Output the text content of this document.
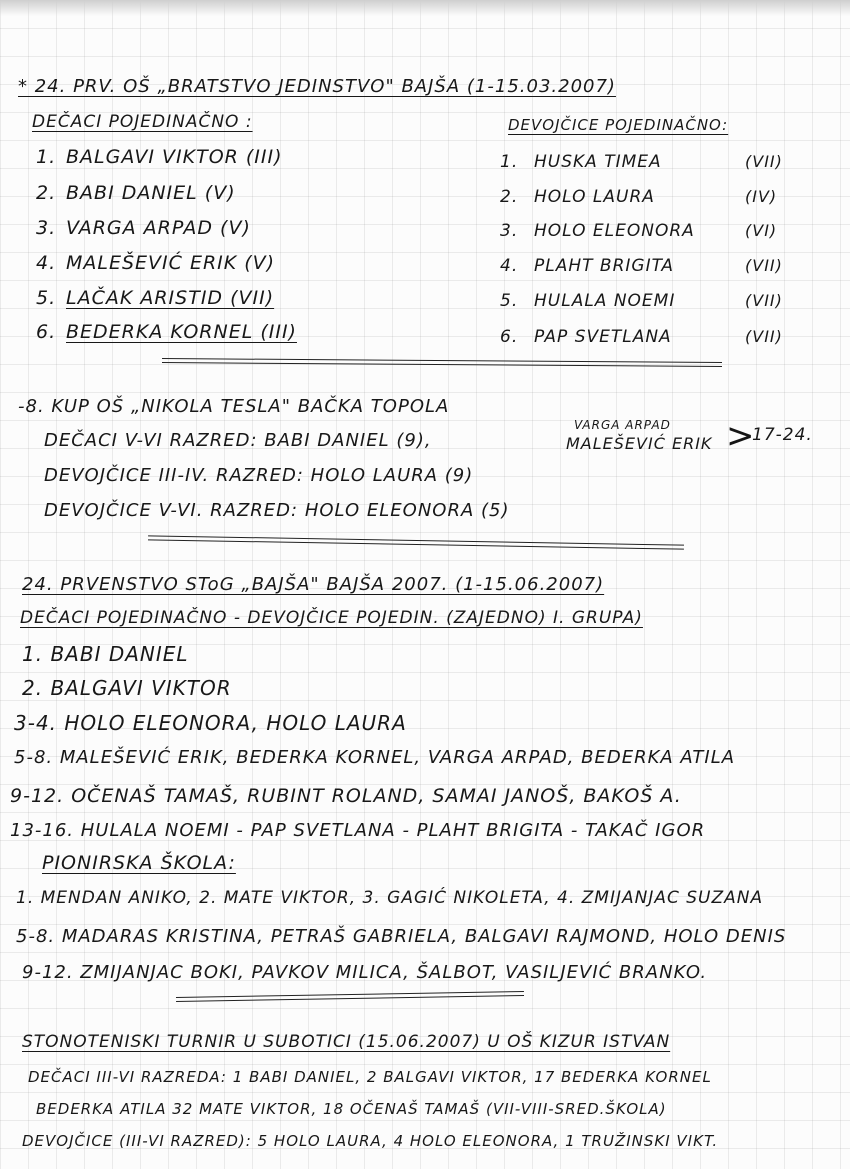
* 24. PRV. OŠ „BRATSTVO JEDINSTVO" BAJŠA (1-15.03.2007)
DEČACI POJEDINAČNO :	DEVOJČICE POJEDINAČNO:
1. BALGAVI VIKTOR (III)
2. BABI DANIEL (V)
3. VARGA ARPAD (V)
4. MALEŠEVIĆ ERIK (V)
5. LAČAK ARISTID (VII)
6. BEDERKA KORNEL (III)
1. HUSKA TIMEA	(VII)
2. HOLO LAURA	(IV)
3. HOLO ELEONORA	(VI)
4. PLAHT BRIGITA	(VII)
5. HULALA NOEMI	(VII)
6. PAP SVETLANA	(VII)
-8. KUP OŠ „NIKOLA TESLA" BAČKA TOPOLA
DEČACI V-VI RAZRED: BABI DANIEL (9),
VARGA ARPAD
MALEŠEVIĆ ERIK >
17-24.
DEVOJČICE III-IV. RAZRED: HOLO LAURA (9)
DEVOJČICE V-VI. RAZRED: HOLO ELEONORA (5)
24. PRVENSTVO SToG „BAJŠA" BAJŠA 2007. (1-15.06.2007)
DEČACI POJEDINAČNO - DEVOJČICE POJEDIN. (ZAJEDNO) I. GRUPA)
1. BABI DANIEL
2. BALGAVI VIKTOR
3-4. HOLO ELEONORA, HOLO LAURA
5-8. MALEŠEVIĆ ERIK, BEDERKA KORNEL, VARGA ARPAD, BEDERKA ATILA
9-12. OČENAŠ TAMAŠ, RUBINT ROLAND, SAMAI JANOŠ, BAKOŠ A.
13-16. HULALA NOEMI - PAP SVETLANA - PLAHT BRIGITA - TAKAČ IGOR
PIONIRSKA ŠKOLA:
1. MENDAN ANIKO, 2. MATE VIKTOR, 3. GAGIĆ NIKOLETA, 4. ZMIJANJAC SUZANA
5-8. MADARAS KRISTINA, PETRAŠ GABRIELA, BALGAVI RAJMOND, HOLO DENIS
9-12. ZMIJANJAC BOKI, PAVKOV MILICA, ŠALBOT, VASILJEVIĆ BRANKO.
STONOTENISKI TURNIR U SUBOTICI (15.06.2007) U OŠ KIZUR ISTVAN
DEČACI III-VI RAZREDA: 1 BABI DANIEL, 2 BALGAVI VIKTOR, 17 BEDERKA KORNEL
BEDERKA ATILA 32 MATE VIKTOR, 18 OČENAŠ TAMAŠ (VII-VIII-SRED.ŠKOLA)
DEVOJČICE (III-VI RAZRED): 5 HOLO LAURA, 4 HOLO ELEONORA, 1 TRUŽINSKI VIKT.
